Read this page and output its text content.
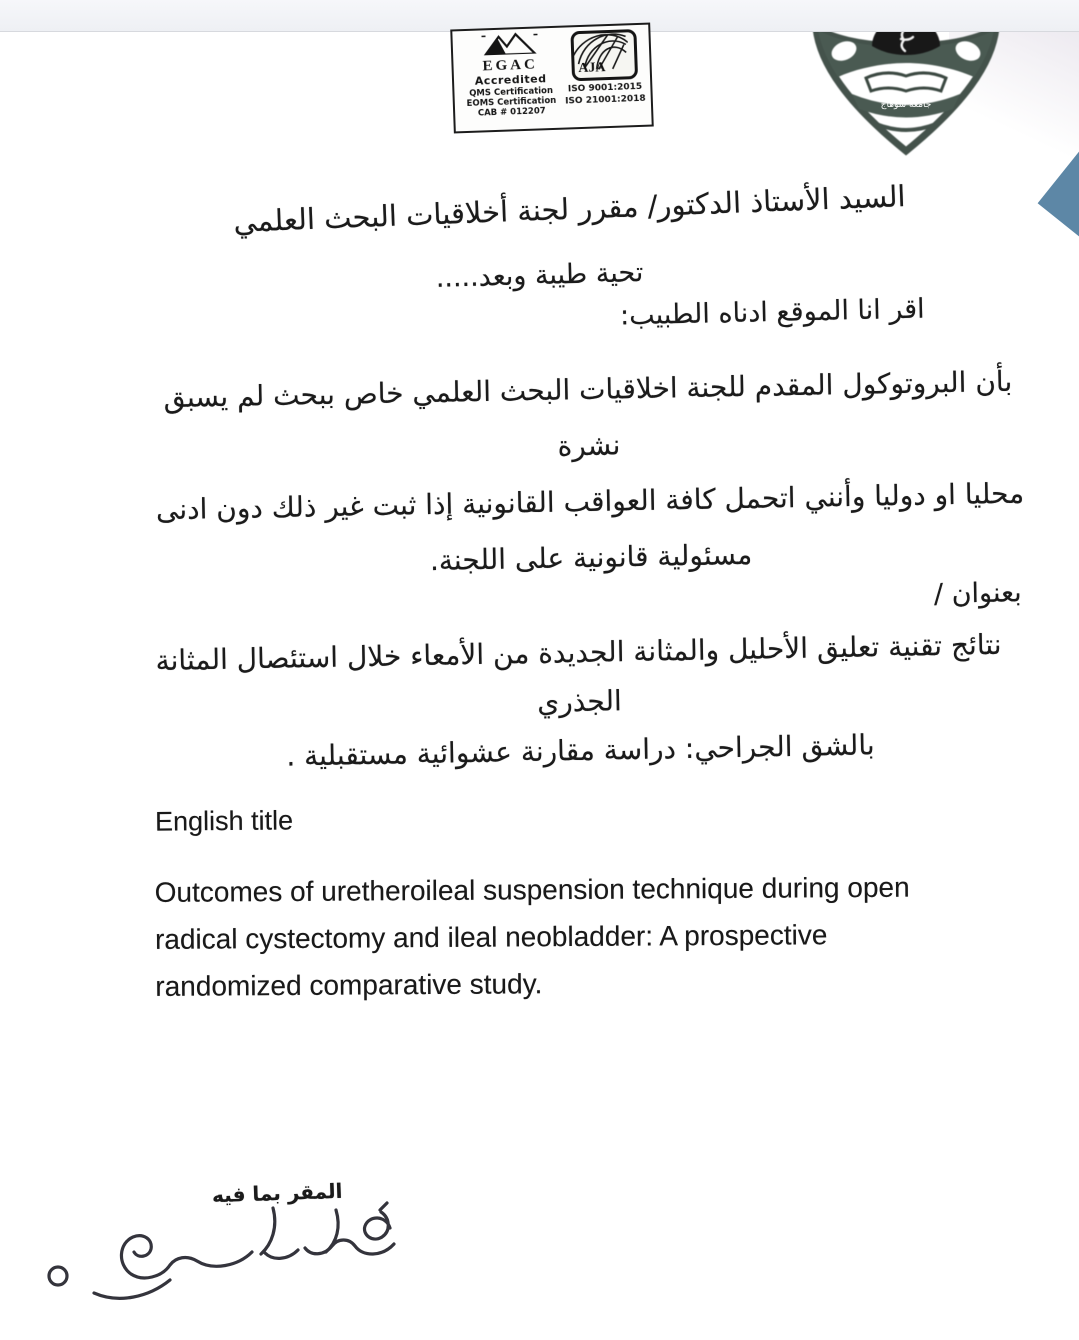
EGAC
Accredited
QMS Certification
EOMS Certification
CAB # 012207
AJA
ISO 9001:2015
ISO 21001:2018	جامعة سوهاج
السيد الأستاذ الدكتور/ مقرر لجنة أخلاقيات البحث العلمي
تحية طيبة وبعد.....
اقر انا الموقع ادناه الطبيب:
بأن البروتوكول المقدم للجنة اخلاقيات البحث العلمي خاص ببحث لم يسبق نشرة
محليا او دوليا وأنني اتحمل كافة العواقب القانونية إذا ثبت غير ذلك دون ادنى
مسئولية قانونية على اللجنة.
بعنوان /
نتائج تقنية تعليق الأحليل والمثانة الجديدة من الأمعاء خلال استئصال المثانة الجذري
بالشق الجراحي: دراسة مقارنة عشوائية مستقبلية .
English title
Outcomes of uretheroileal suspension technique during open
radical cystectomy and ileal neobladder: A prospective
randomized comparative study.
المقر بما فيه
